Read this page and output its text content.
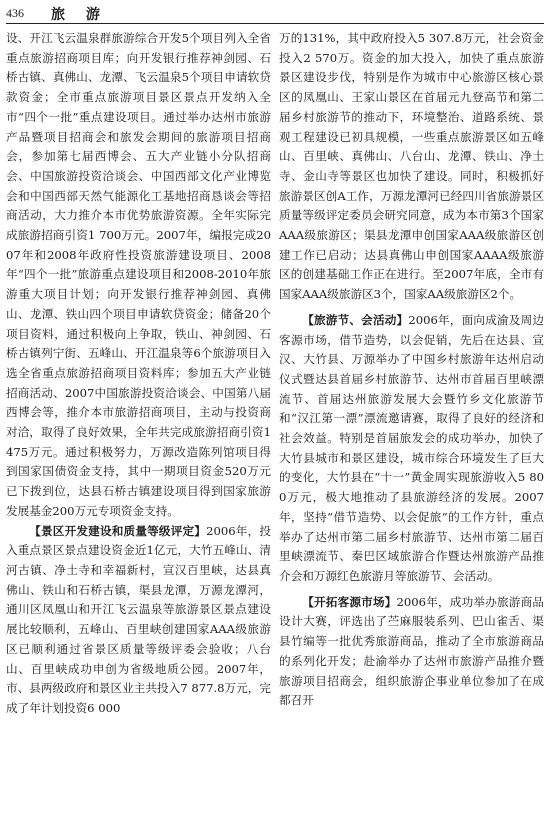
436 旅 游

设、开江飞云温泉群旅游综合开发5个项目列入全省重点旅游招商项目库；向开发银行推荐神剑园、石桥古镇、真佛山、龙潭、飞云温泉5个项目申请软贷款资金；全市重点旅游项目景区景点开发纳入全市“四个一批”重点建设项目。通过举办达州市旅游产品暨项目招商会和旅发会期间的旅游项目招商会，参加第七届西博会、五大产业链小分队招商会、中国旅游投资洽谈会、中国西部文化产业博览会和中国西部天然气能源化工基地招商恳谈会等招商活动，大力推介本市优势旅游资源。全年实际完成旅游招商引资1 700万元。2007年，编报完成2007年和2008年政府性投资旅游建设项目、2008年“四个一批”旅游重点建设项目和2008-2010年旅游重大项目计划；向开发银行推荐神剑园、真佛山、龙潭、铁山四个项目申请软贷资金；储备20个项目资料，通过积极向上争取，铁山、神剑园、石桥古镇列宁街、五峰山、开江温泉等6个旅游项目入选全省重点旅游招商项目资料库；参加五大产业链招商活动、2007中国旅游投资洽谈会、中国第八届西博会等，推介本市旅游招商项目，主动与投资商对洽，取得了良好效果，全年共完成旅游招商引资1 475万元。通过积极努力，万源改造陈列馆项目得到国家国债资金支持，其中一期项目资金520万元已下拨到位，达县石桥古镇建设项目得到国家旅游发展基金200万元专项资金支持。

【景区开发建设和质量等级评定】2006年，投入重点景区景点建设资金近1亿元，大竹五峰山、清河古镇、净土寺和幸福新村，宣汉百里峡，达县真佛山、铁山和石桥古镇，渠县龙潭，万源龙潭河，通川区凤凰山和开江飞云温泉等旅游景区景点建设展比较顺利，五峰山、百里峡创建国家AAA级旅游区已顺利通过省景区质量等级评委会验收；八台山、百里峡成功申创为省级地质公园。2007年，市、县两级政府和景区业主共投入7 877.8万元，完成了年计划投资6 000

万的131%，其中政府投入5 307.8万元，社会资金投入2 570万。资金的加大投入，加快了重点旅游景区建设步伐，特别是作为城市中心旅游区核心景区的凤凰山、王家山景区在首届元九登高节和第二届乡村旅游节的推动下，环境整治、道路系统、景观工程建设已初具规模，一些重点旅游景区如五峰山、百里峡、真佛山、八台山、龙潭、铁山、净土寺、金山寺等景区也加快了建设。同时，积极抓好旅游景区创A工作，万源龙潭河已经四川省旅游景区质量等级评定委员会研究同意，成为本市第3个国家AAA级旅游区；渠县龙潭申创国家AAA级旅游区创建工作已启动；达县真佛山申创国家AAAA级旅游区的创建基础工作正在进行。至2007年底，全市有国家AAA级旅游区3个，国家AA级旅游区2个。

【旅游节、会活动】2006年，面向成渝及周边客源市场，借节造势，以会促销，先后在达县、宣汉、大竹县、万源举办了中国乡村旅游年达州启动仪式暨达县首届乡村旅游节、达州市首届百里峡漂流节、首届达州旅游发展大会暨竹乡文化旅游节和“汉江第一漂”漂流邀请赛，取得了良好的经济和社会效益。特别是首届旅发会的成功举办，加快了大竹县城市和景区建设，城市综合环境发生了巨大的变化，大竹县在“十一”黄金周实现旅游收入5 800万元，极大地推动了县旅游经济的发展。2007年，坚持“借节造势、以会促旅”的工作方针，重点举办了达州市第二届乡村旅游节、达州市第二届百里峡漂流节、秦巴区域旅游合作暨达州旅游产品推介会和万源红色旅游月等旅游节、会活动。

【开拓客源市场】2006年，成功举办旅游商品设计大赛，评选出了苎麻服装系列、巴山雀舌、渠县竹编等一批优秀旅游商品，推动了全市旅游商品的系列化开发；赴渝举办了达州市旅游产品推介暨旅游项目招商会，组织旅游企事业单位参加了在成都召开
